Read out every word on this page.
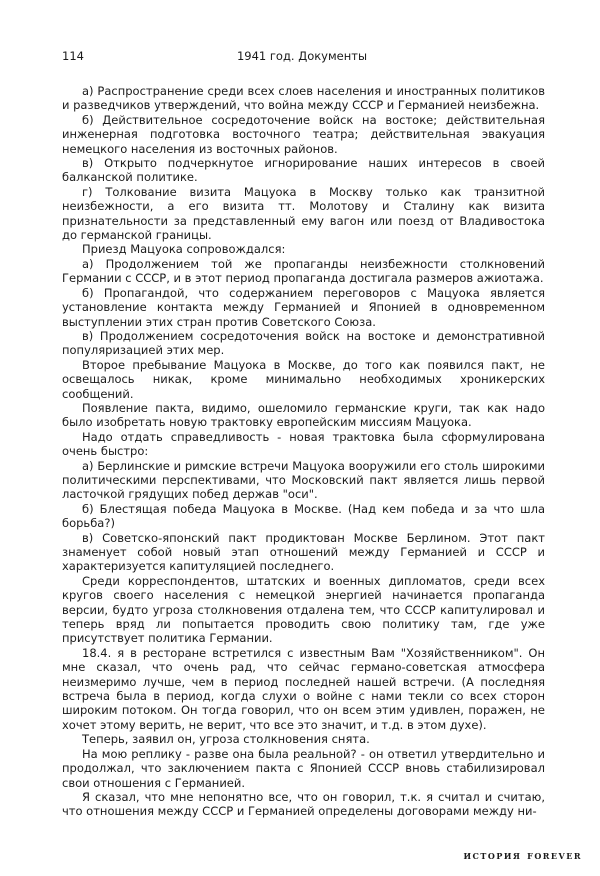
114	1941 год. Документы

а) Распространение среди всех слоев населения и иностранных политиков и разведчиков утверждений, что война между СССР и Германией неизбежна.

б) Действительное сосредоточение войск на востоке; действительная инженерная подготовка восточного театра; действительная эвакуация немецкого населения из восточных районов.

в) Открыто подчеркнутое игнорирование наших интересов в своей балканской политике.

г) Толкование визита Мацуока в Москву только как транзитной неизбежности, а его визита тт. Молотову и Сталину как визита признательности за представленный ему вагон или поезд от Владивостока до германской границы.

Приезд Мацуока сопровождался:

а) Продолжением той же пропаганды неизбежности столкновений Германии с СССР, и в этот период пропаганда достигала размеров ажиотажа.

б) Пропагандой, что содержанием переговоров с Мацуока является установление контакта между Германией и Японией в одновременном выступлении этих стран против Советского Союза.

в) Продолжением сосредоточения войск на востоке и демонстративной популяризацией этих мер.

Второе пребывание Мацуока в Москве, до того как появился пакт, не освещалось никак, кроме минимально необходимых хроникерских сообщений.

Появление пакта, видимо, ошеломило германские круги, так как надо было изобретать новую трактовку европейским миссиям Мацуока.

Надо отдать справедливость - новая трактовка была сформулирована очень быстро:

а) Берлинские и римские встречи Мацуока вооружили его столь широкими политическими перспективами, что Московский пакт является лишь первой ласточкой грядущих побед держав "оси".

б) Блестящая победа Мацуока в Москве. (Над кем победа и за что шла борьба?)

в) Советско-японский пакт продиктован Москве Берлином. Этот пакт знаменует собой новый этап отношений между Германией и СССР и характеризуется капитуляцией последнего.

Среди корреспондентов, штатских и военных дипломатов, среди всех кругов своего населения с немецкой энергией начинается пропаганда версии, будто угроза столкновения отдалена тем, что СССР капитулировал и теперь вряд ли попытается проводить свою политику там, где уже присутствует политика Германии.

18.4. я в ресторане встретился с известным Вам "Хозяйственником". Он мне сказал, что очень рад, что сейчас германо-советская атмосфера неизмеримо лучше, чем в период последней нашей встречи. (А последняя встреча была в период, когда слухи о войне с нами текли со всех сторон широким потоком. Он тогда говорил, что он всем этим удивлен, поражен, не хочет этому верить, не верит, что все это значит, и т.д. в этом духе).

Теперь, заявил он, угроза столкновения снята.

На мою реплику - разве она была реальной? - он ответил утвердительно и продолжал, что заключением пакта с Японией СССР вновь стабилизировал свои отношения с Германией.

Я сказал, что мне непонятно все, что он говорил, т.к. я считал и считаю, что отношения между СССР и Германией определены договорами между ни-

история forever
